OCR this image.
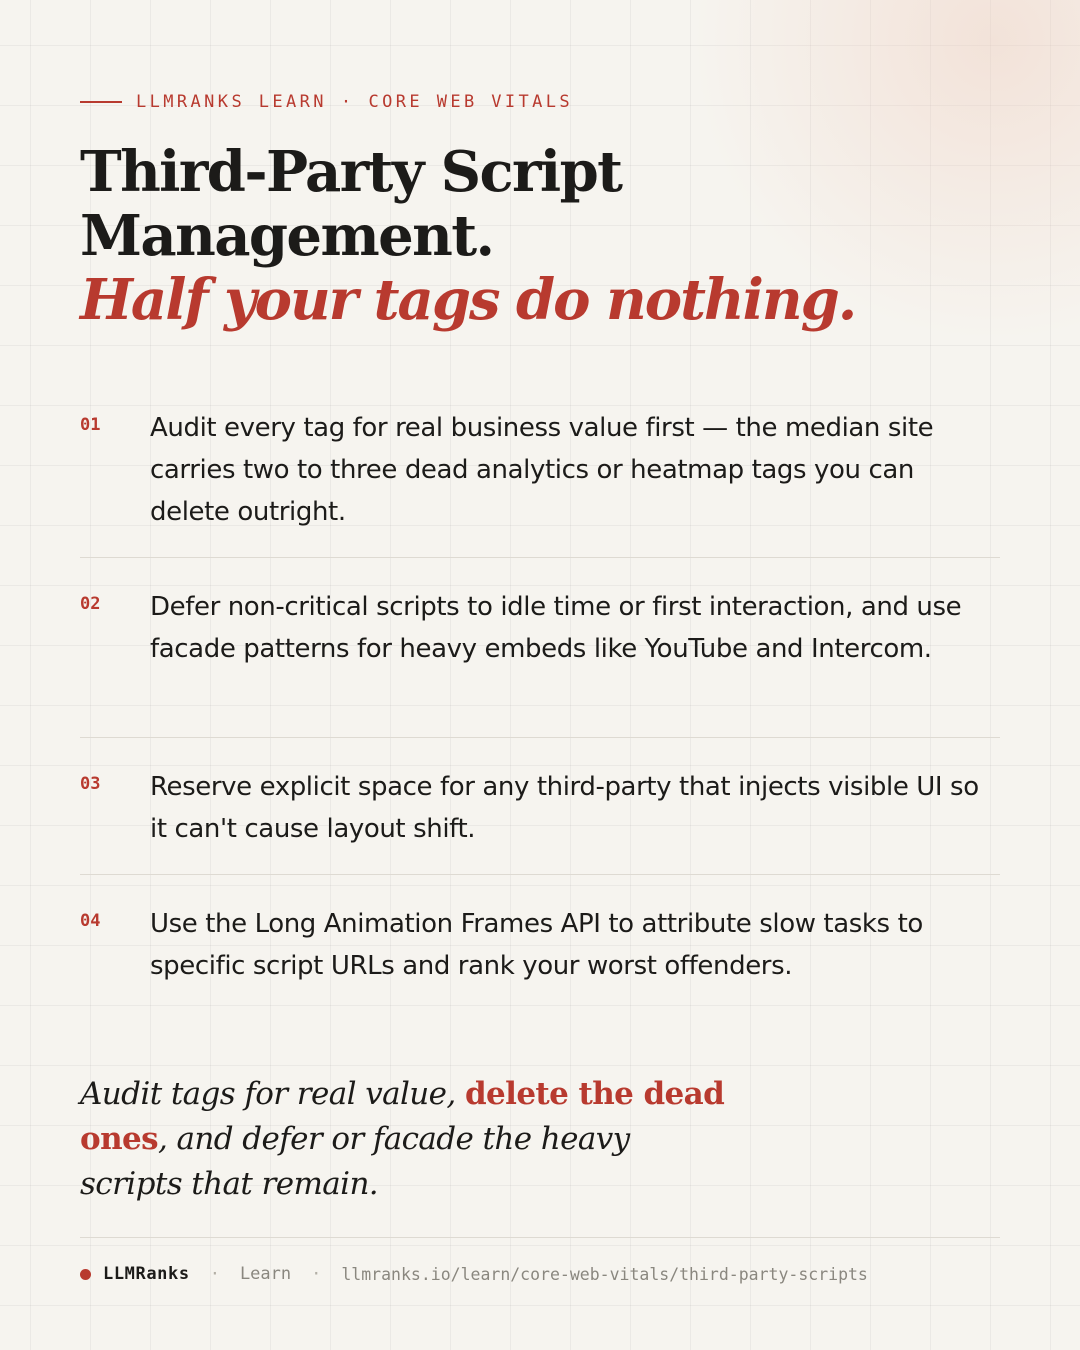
LLMRANKS LEARN · CORE WEB VITALS
Third-Party Script
Management.
Half your tags do nothing.
01	Audit every tag for real business value first — the median site carries two to three dead analytics or heatmap tags you can delete outright.
02	Defer non-critical scripts to idle time or first interaction, and use facade patterns for heavy embeds like YouTube and Intercom.
03	Reserve explicit space for any third-party that injects visible UI so it can't cause layout shift.
04	Use the Long Animation Frames API to attribute slow tasks to specific script URLs and rank your worst offenders.

Audit tags for real value, delete the dead ones, and defer or facade the heavy scripts that remain.

LLMRanks · Learn · llmranks.io/learn/core-web-vitals/third-party-scripts
